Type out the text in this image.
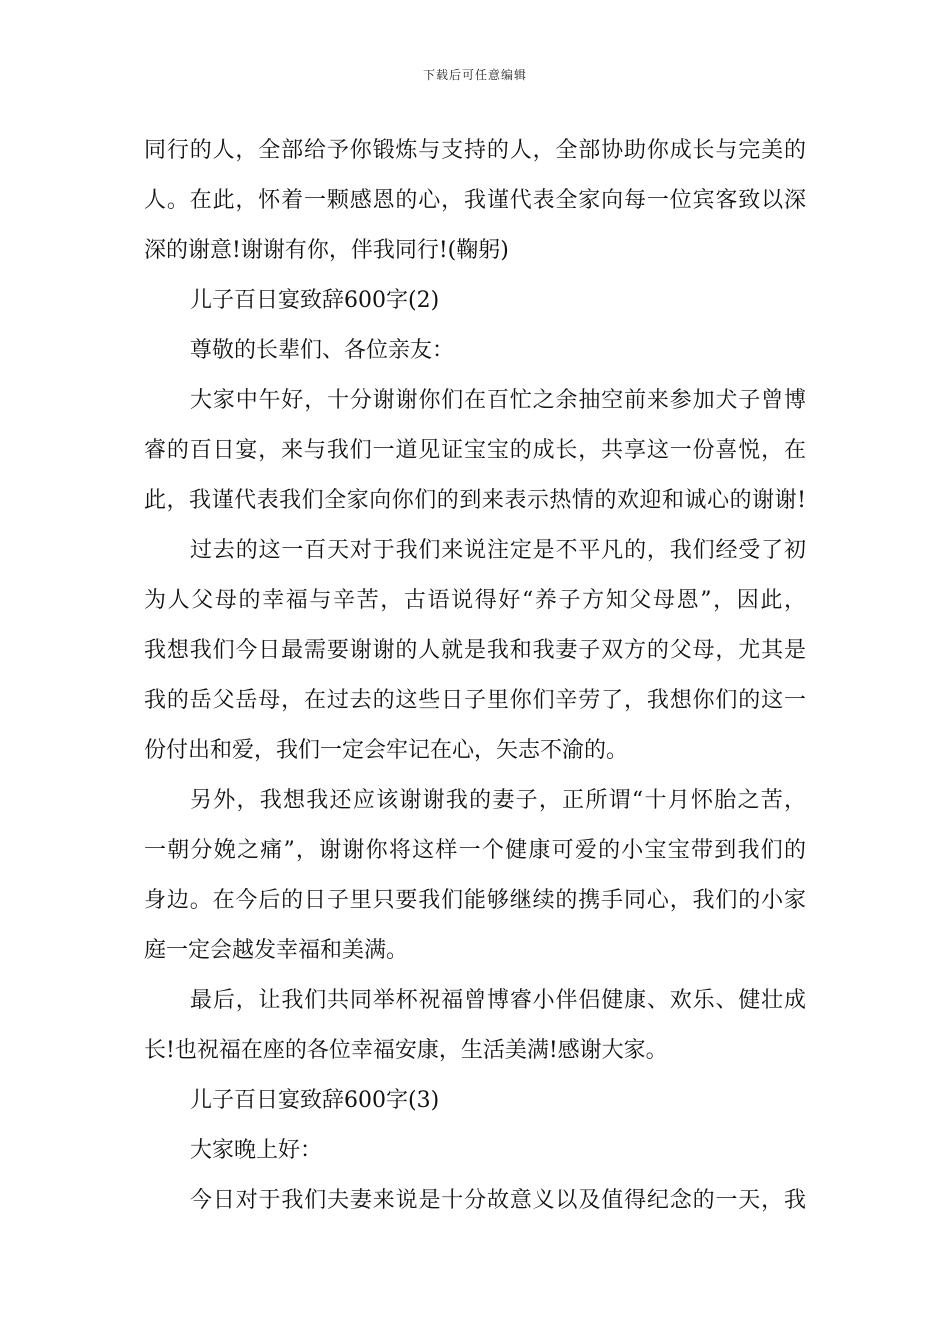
下载后可任意编辑
同行的人，全部给予你锻炼与支持的人，全部协助你成长与完美的
人。在此，怀着一颗感恩的心，我谨代表全家向每一位宾客致以深
深的谢意!谢谢有你，伴我同行!(鞠躬)
儿子百日宴致辞600字(2)
尊敬的长辈们、各位亲友：
大家中午好，十分谢谢你们在百忙之余抽空前来参加犬子曾博
睿的百日宴，来与我们一道见证宝宝的成长，共享这一份喜悦，在
此，我谨代表我们全家向你们的到来表示热情的欢迎和诚心的谢谢!
过去的这一百天对于我们来说注定是不平凡的，我们经受了初
为人父母的幸福与辛苦，古语说得好“养子方知父母恩”，因此，
我想我们今日最需要谢谢的人就是我和我妻子双方的父母，尤其是
我的岳父岳母，在过去的这些日子里你们辛劳了，我想你们的这一
份付出和爱，我们一定会牢记在心，矢志不渝的。
另外，我想我还应该谢谢我的妻子，正所谓“十月怀胎之苦，
一朝分娩之痛”，谢谢你将这样一个健康可爱的小宝宝带到我们的
身边。在今后的日子里只要我们能够继续的携手同心，我们的小家
庭一定会越发幸福和美满。
最后，让我们共同举杯祝福曾博睿小伴侣健康、欢乐、健壮成
长!也祝福在座的各位幸福安康，生活美满!感谢大家。
儿子百日宴致辞600字(3)
大家晚上好：
今日对于我们夫妻来说是十分故意义以及值得纪念的一天，我
